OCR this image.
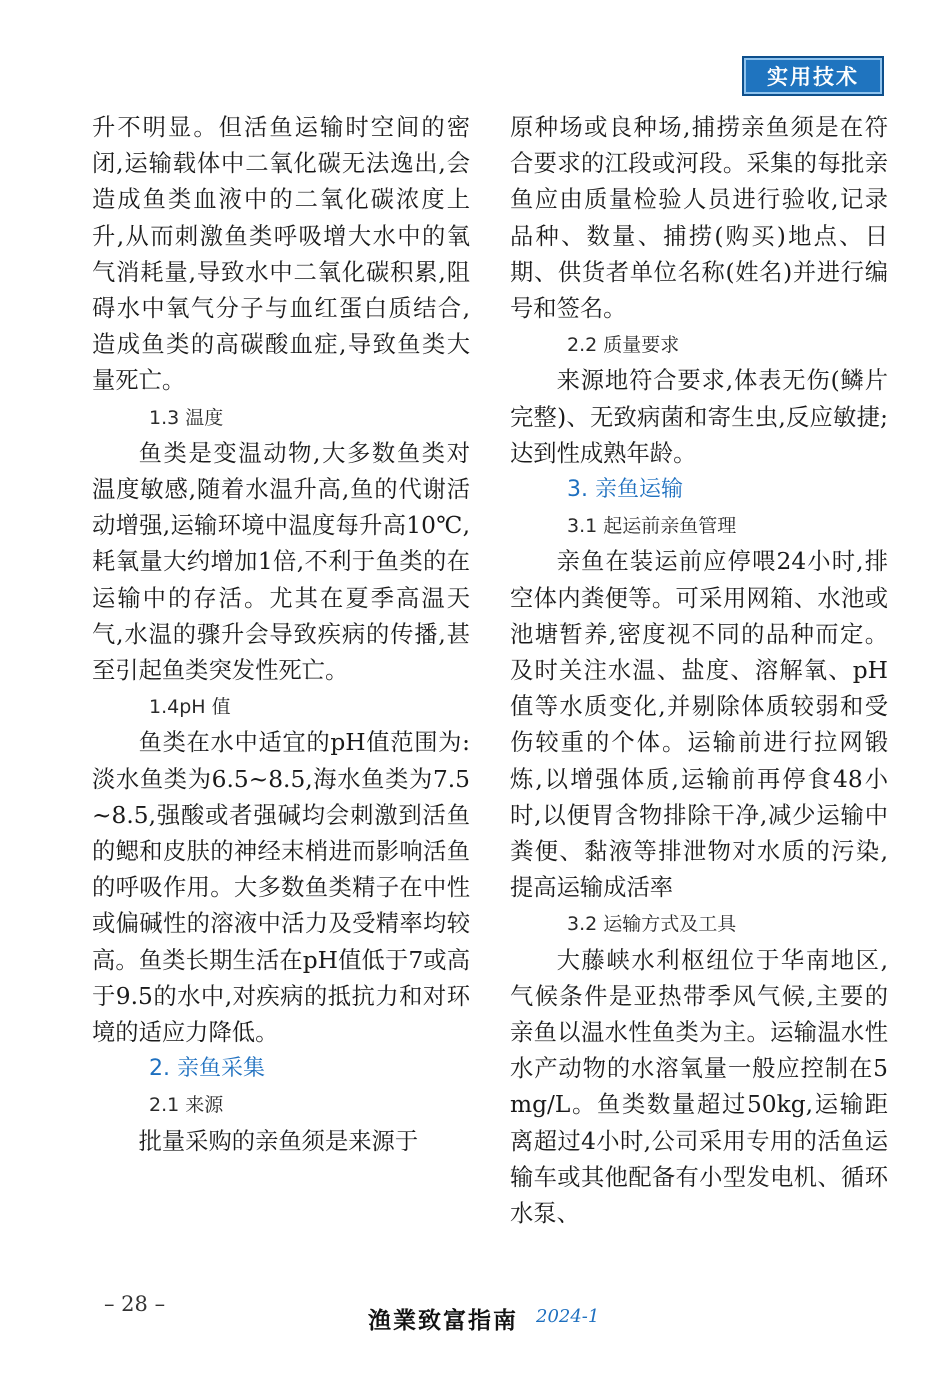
实用技术

升不明显。但活鱼运输时空间的密闭,运输载体中二氧化碳无法逸出,会造成鱼类血液中的二氧化碳浓度上升,从而刺激鱼类呼吸增大水中的氧气消耗量,导致水中二氧化碳积累,阻碍水中氧气分子与血红蛋白质结合,造成鱼类的高碳酸血症,导致鱼类大量死亡。

1.3 温度

鱼类是变温动物,大多数鱼类对温度敏感,随着水温升高,鱼的代谢活动增强,运输环境中温度每升高10℃,耗氧量大约增加1倍,不利于鱼类的在运输中的存活。尤其在夏季高温天气,水温的骤升会导致疾病的传播,甚至引起鱼类突发性死亡。

1.4pH 值

鱼类在水中适宜的pH值范围为:淡水鱼类为6.5~8.5,海水鱼类为7.5~8.5,强酸或者强碱均会刺激到活鱼的鳃和皮肤的神经末梢进而影响活鱼的呼吸作用。大多数鱼类精子在中性或偏碱性的溶液中活力及受精率均较高。鱼类长期生活在pH值低于7或高于9.5的水中,对疾病的抵抗力和对环境的适应力降低。

2. 亲鱼采集
2.1 来源

批量采购的亲鱼须是来源于

原种场或良种场,捕捞亲鱼须是在符合要求的江段或河段。采集的每批亲鱼应由质量检验人员进行验收,记录品种、数量、捕捞(购买)地点、日期、供货者单位名称(姓名)并进行编号和签名。

2.2 质量要求

来源地符合要求,体表无伤(鳞片完整)、无致病菌和寄生虫,反应敏捷;达到性成熟年龄。

3. 亲鱼运输
3.1 起运前亲鱼管理

亲鱼在装运前应停喂24小时,排空体内粪便等。可采用网箱、水池或池塘暂养,密度视不同的品种而定。及时关注水温、盐度、溶解氧、pH值等水质变化,并剔除体质较弱和受伤较重的个体。运输前进行拉网锻炼,以增强体质,运输前再停食48小时,以便胃含物排除干净,减少运输中粪便、黏液等排泄物对水质的污染,提高运输成活率

3.2 运输方式及工具

大藤峡水利枢纽位于华南地区,气候条件是亚热带季风气候,主要的亲鱼以温水性鱼类为主。运输温水性水产动物的水溶氧量一般应控制在5mg/L。鱼类数量超过50kg,运输距离超过4小时,公司采用专用的活鱼运输车或其他配备有小型发电机、循环水泵、

– 28 –
渔業致富指南 2024-1
